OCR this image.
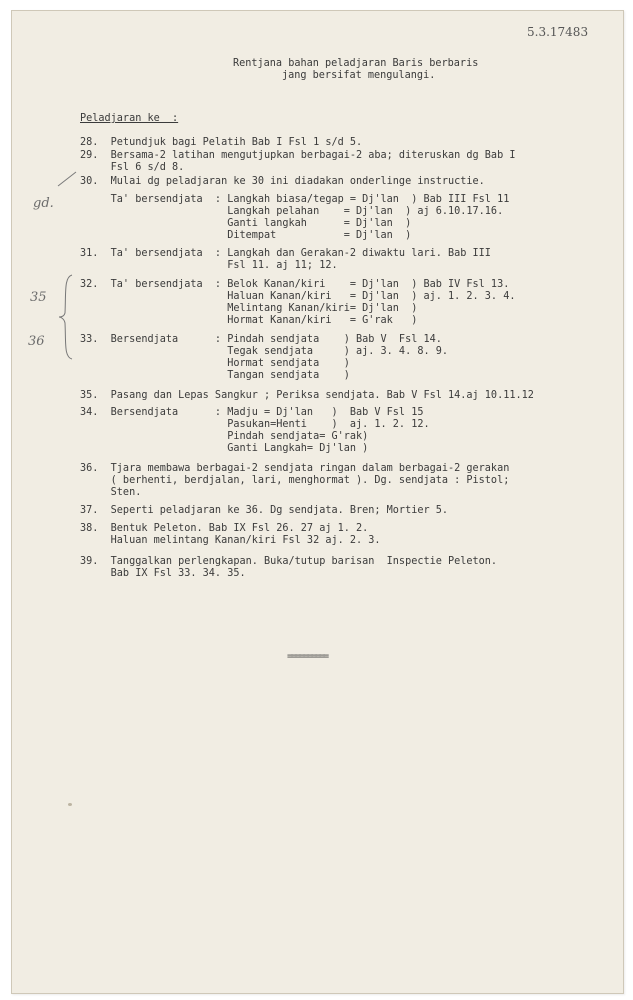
5.3.17483
Rentjana bahan peladjaran Baris berbaris
jang bersifat mengulangi.
Peladjaran ke  :
28.  Petundjuk bagi Pelatih Bab I Fsl 1 s/d 5.
29.  Bersama-2 latihan mengutjupkan berbagai-2 aba; diteruskan dg Bab I
Fsl 6 s/d 8.
30.  Mulai dg peladjaran ke 30 ini diadakan onderlinge instructie.
Ta' bersendjata  : Langkah biasa/tegap = Dj'lan  ) Bab III Fsl 11
Langkah pelahan    = Dj'lan  ) aj 6.10.17.16.
Ganti langkah      = Dj'lan  )
Ditempat           = Dj'lan  )
31.  Ta' bersendjata  : Langkah dan Gerakan-2 diwaktu lari. Bab III
Fsl 11. aj 11; 12.
32.  Ta' bersendjata  : Belok Kanan/kiri    = Dj'lan  ) Bab IV Fsl 13.
Haluan Kanan/kiri   = Dj'lan  ) aj. 1. 2. 3. 4.
Melintang Kanan/kiri= Dj'lan  )
Hormat Kanan/kiri   = G'rak   )
33.  Bersendjata      : Pindah sendjata    ) Bab V  Fsl 14.
Tegak sendjata     ) aj. 3. 4. 8. 9.
Hormat sendjata    )
Tangan sendjata    )
35.  Pasang dan Lepas Sangkur ; Periksa sendjata. Bab V Fsl 14.aj 10.11.12
34.  Bersendjata      : Madju = Dj'lan   )  Bab V Fsl 15
Pasukan=Henti    )  aj. 1. 2. 12.
Pindah sendjata= G'rak)
Ganti Langkah= Dj'lan )
36.  Tjara membawa berbagai-2 sendjata ringan dalam berbagai-2 gerakan
( berhenti, berdjalan, lari, menghormat ). Dg. sendjata : Pistol;
Sten.
37.  Seperti peladjaran ke 36. Dg sendjata. Bren; Mortier 5.
38.  Bentuk Peleton. Bab IX Fsl 26. 27 aj 1. 2.
Haluan melintang Kanan/kiri Fsl 32 aj. 2. 3.
39.  Tanggalkan perlengkapan. Buka/tutup barisan  Inspectie Peleton.
Bab IX Fsl 33. 34. 35.
==========
gd.
35
36
